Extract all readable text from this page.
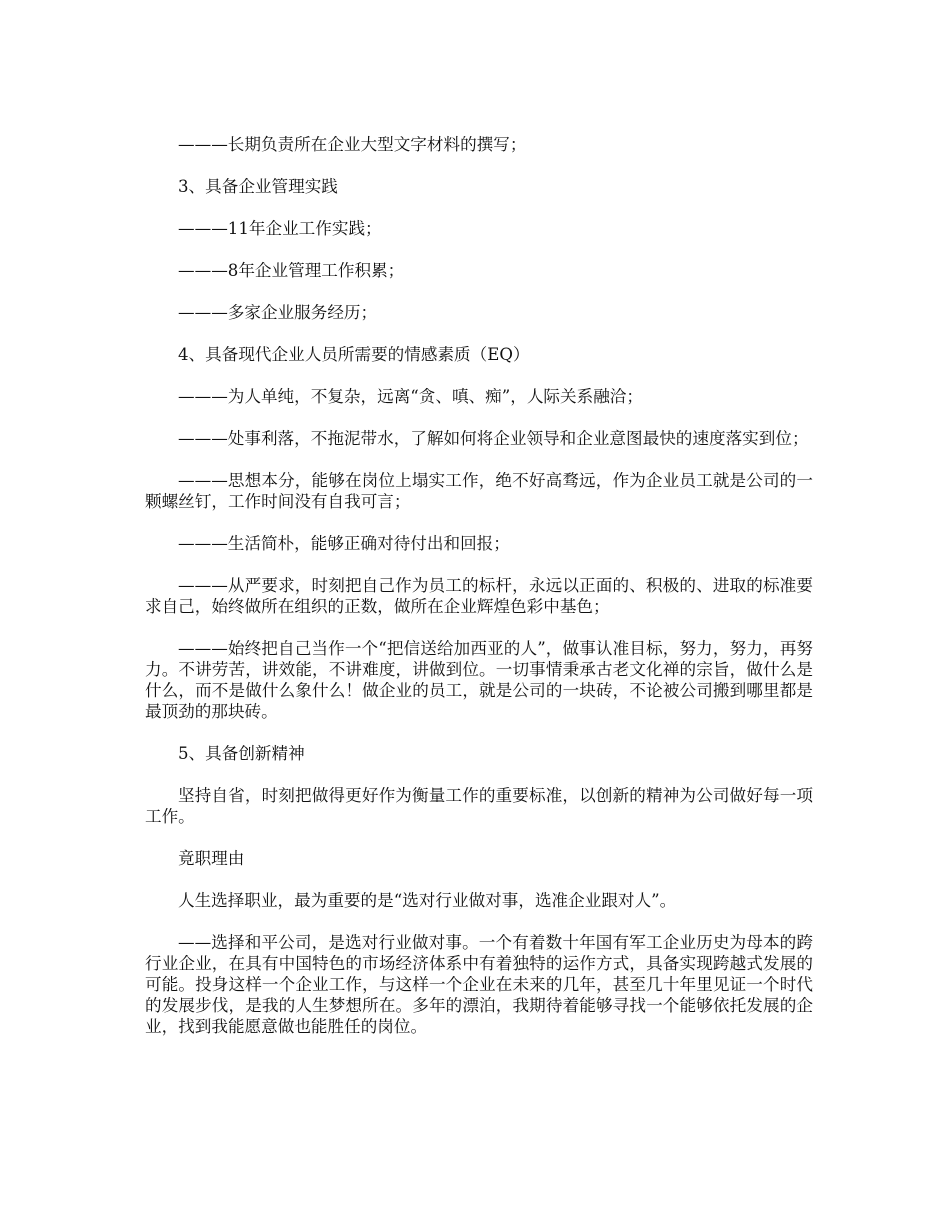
———长期负责所在企业大型文字材料的撰写；

3、具备企业管理实践

———11年企业工作实践；

———8年企业管理工作积累；

———多家企业服务经历；

4、具备现代企业人员所需要的情感素质（EQ）

———为人单纯，不复杂，远离“贪、嗔、痴”，人际关系融洽；

———处事利落，不拖泥带水，了解如何将企业领导和企业意图最快的速度落实到位；

———思想本分，能够在岗位上塌实工作，绝不好高骛远，作为企业员工就是公司的一颗螺丝钉，工作时间没有自我可言；

———生活简朴，能够正确对待付出和回报；

———从严要求，时刻把自己作为员工的标杆，永远以正面的、积极的、进取的标准要求自己，始终做所在组织的正数，做所在企业辉煌色彩中基色；

———始终把自己当作一个“把信送给加西亚的人”，做事认准目标，努力，努力，再努力。不讲劳苦，讲效能，不讲难度，讲做到位。一切事情秉承古老文化禅的宗旨，做什么是什么，而不是做什么象什么！做企业的员工，就是公司的一块砖，不论被公司搬到哪里都是最顶劲的那块砖。

5、具备创新精神

坚持自省，时刻把做得更好作为衡量工作的重要标准，以创新的精神为公司做好每一项工作。

竟职理由

人生选择职业，最为重要的是“选对行业做对事，选准企业跟对人”。

——选择和平公司，是选对行业做对事。一个有着数十年国有军工企业历史为母本的跨行业企业，在具有中国特色的市场经济体系中有着独特的运作方式，具备实现跨越式发展的可能。投身这样一个企业工作，与这样一个企业在未来的几年，甚至几十年里见证一个时代的发展步伐，是我的人生梦想所在。多年的漂泊，我期待着能够寻找一个能够依托发展的企业，找到我能愿意做也能胜任的岗位。
